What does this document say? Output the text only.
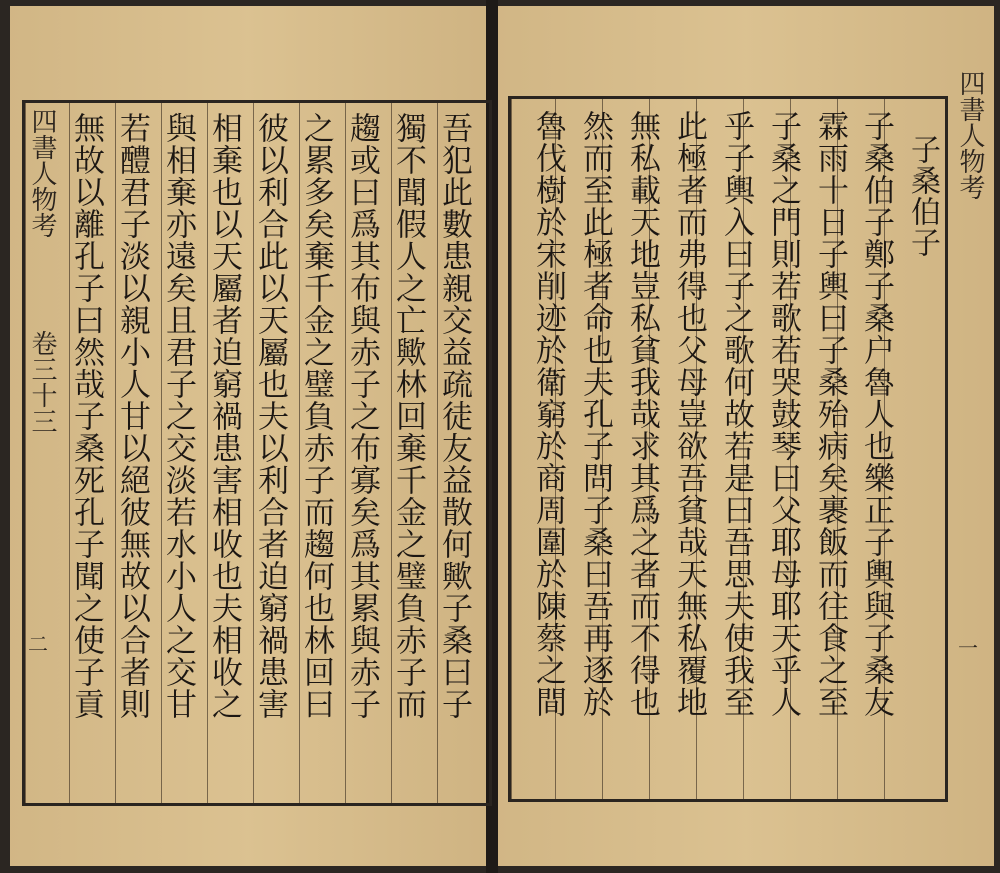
子桑伯子
子桑伯子鄭子桑户魯人也樂正子輿與子桑友
霖雨十日子輿曰子桑殆病矣裹飯而往食之至
子桑之門則若歌若哭鼓琴曰父耶母耶天乎人
乎子輿入曰子之歌何故若是曰吾思夫使我至
此極者而弗得也父母豈欲吾貧哉天無私覆地
無私載天地豈私貧我哉求其爲之者而不得也
然而至此極者命也夫孔子問子桑曰吾再逐於
魯伐樹於宋削迹於衛窮於商周圍於陳蔡之間	四書人物考
一
吾犯此數患親交益疏徒友益散何歟子桑曰子
獨不聞假人之亡歟林回棄千金之璧負赤子而
趨或曰爲其布與赤子之布寡矣爲其累與赤子
之累多矣棄千金之璧負赤子而趨何也林回曰
彼以利合此以天屬也夫以利合者迫窮禍患害
相棄也以天屬者迫窮禍患害相收也夫相收之
與相棄亦遠矣且君子之交淡若水小人之交甘
若醴君子淡以親小人甘以絕彼無故以合者則
無故以離孔子曰然哉子桑死孔子聞之使子貢
四書人物考
卷三十三
二
